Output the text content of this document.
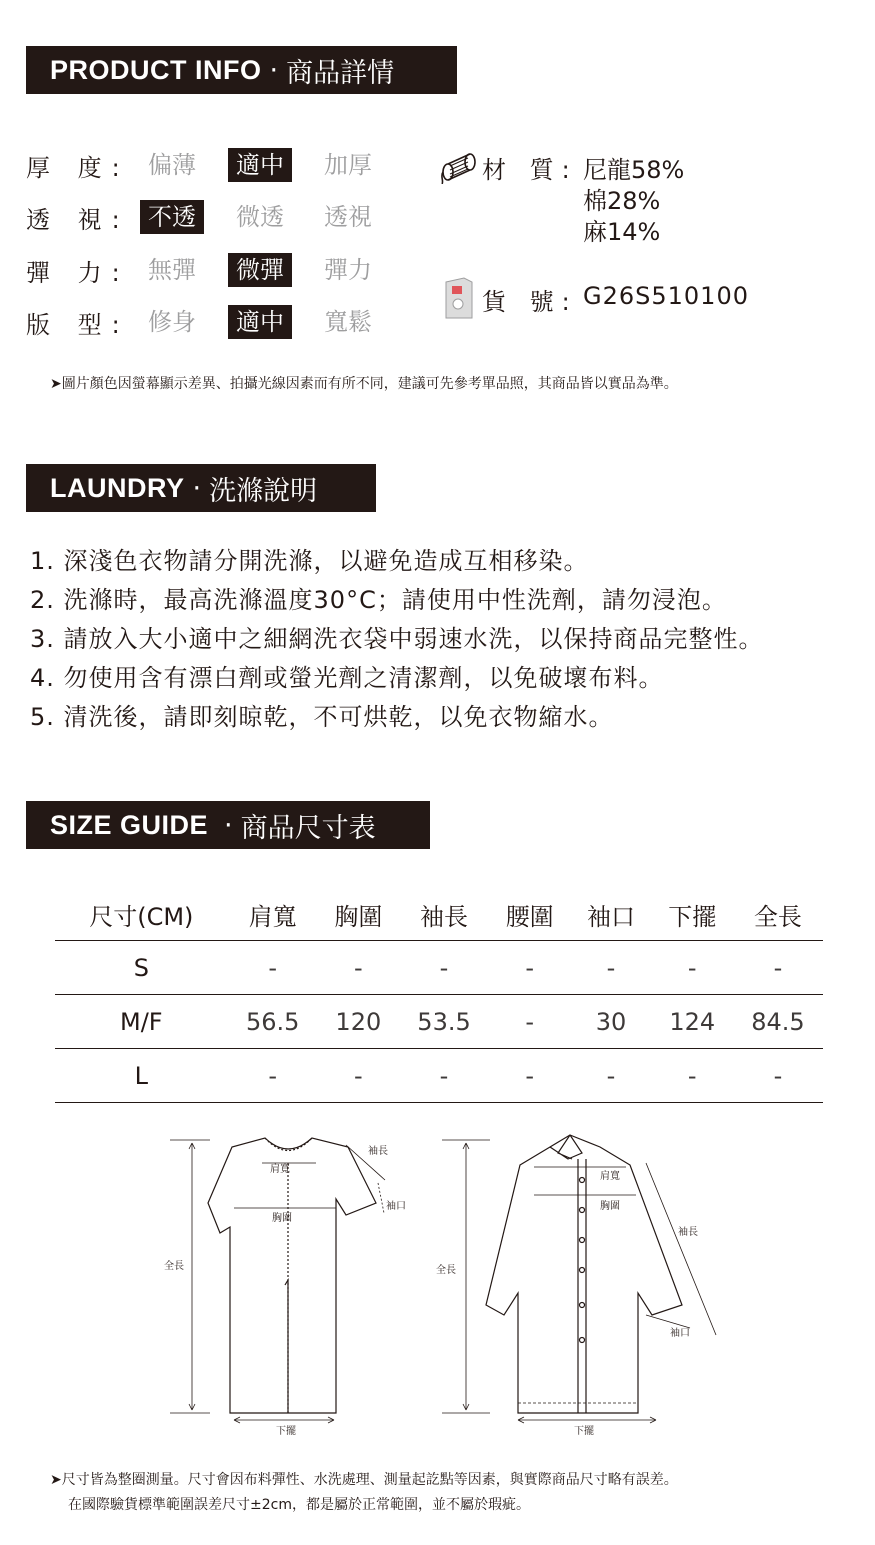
PRODUCT INFO · 商品詳情
厚 度: 偏薄	適中	加厚
透 視: 不透	微透 透視
彈 力: 無彈	微彈	彈力
版 型: 修身	適中	寬鬆
材 質: 尼龍58%
棉28%
麻14%
貨 號: G26S510100
➤圖片顏色因螢幕顯示差異、拍攝光線因素而有所不同，建議可先參考單品照，其商品皆以實品為準。
LAUNDRY · 洗滌說明
1. 深淺色衣物請分開洗滌，以避免造成互相移染。
2. 洗滌時，最高洗滌溫度30°C；請使用中性洗劑，請勿浸泡。
3. 請放入大小適中之細網洗衣袋中弱速水洗，以保持商品完整性。
4. 勿使用含有漂白劑或螢光劑之清潔劑，以免破壞布料。
5. 清洗後，請即刻晾乾，不可烘乾，以免衣物縮水。
SIZE GUIDE · 商品尺寸表
尺寸(CM)	肩寬	胸圍	袖長	腰圍	袖口	下擺	全長
S	-	-	-	-	-	-	-
M/F	56.5	120	53.5	-	30	124	84.5
L	-	-	-	-	-	-	-
肩寬
胸圍
袖長
袖口
全長
下擺
肩寬
胸圍
袖長
袖口
全長
下擺
➤尺寸皆為整圈測量。尺寸會因布料彈性、水洗處理、測量起訖點等因素，與實際商品尺寸略有誤差。
在國際驗貨標準範圍誤差尺寸±2cm，都是屬於正常範圍，並不屬於瑕疵。
